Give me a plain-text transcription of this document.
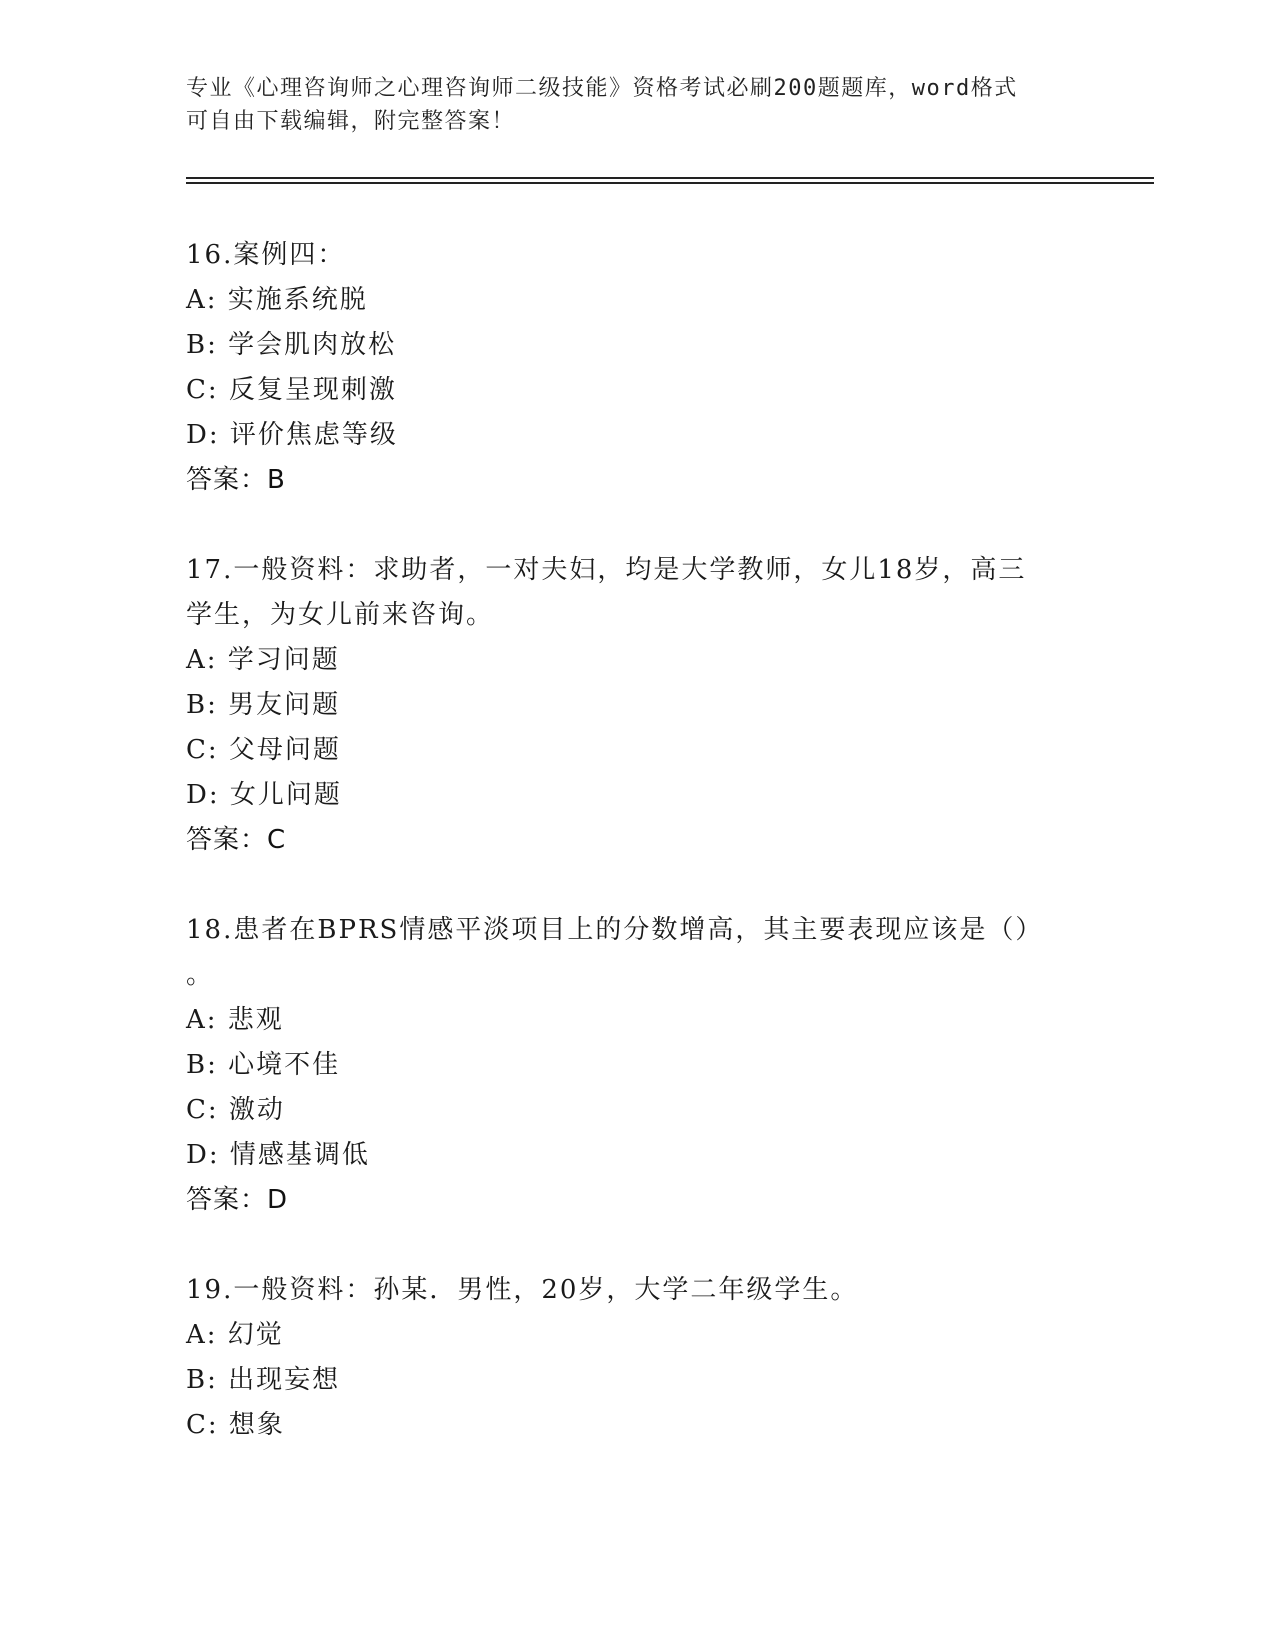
专业《心理咨询师之心理咨询师二级技能》资格考试必刷200题题库，word格式
可自由下载编辑，附完整答案！

16.案例四：

A: 实施系统脱

B: 学会肌肉放松

C: 反复呈现刺激

D: 评价焦虑等级

答案：B

17.一般资料：求助者，一对夫妇，均是大学教师，女儿18岁，高三

学生，为女儿前来咨询。

A: 学习问题

B: 男友问题

C: 父母问题

D: 女儿问题

答案：C

18.患者在BPRS情感平淡项目上的分数增高，其主要表现应该是（）

。

A: 悲观

B: 心境不佳

C: 激动

D: 情感基调低

答案：D

19.一般资料：孙某．男性，20岁，大学二年级学生。

A: 幻觉

B: 出现妄想

C: 想象
